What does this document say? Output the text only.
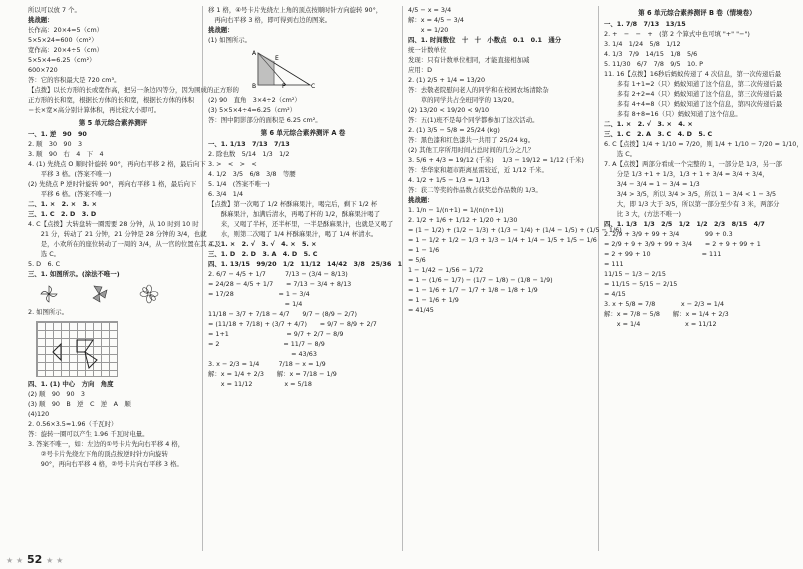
所以可以放 7 个。
挑战题：
长作高：20×4=5（cm）
5×5×24=600（cm²）
宽作高：20×4÷5（cm）
5×5×4=6.25（cm²）
600×720
答：它的容积最大是 720 cm³。
【点拨】以长方形的长或宽作高，把另一条边四等分，因为围成的正方形的
正方形的长和宽，根据长方体的长和宽，根据长方体的体积
＝长×宽×高分别计算体积，再比较大小即可。
第 5 单元综合素养测评
一、1. 逆　90　90
2. 顺　30　90　3
3. 顺　90　右　4　下　4
4. (1) 先绕点 O 顺时针旋转 90°，再向右平移 2 格，最后向下
　　平移 3 格。(答案不唯一)
(2) 先绕点 P 逆时针旋转 90°，再向右平移 1 格，最后向下
　　平移 6 格。(答案不唯一)
二、1. ×　2. ×　3. ×
三、1. C　2. D　3. D
4. C【点拨】大转盘转一圈需要 28 分钟，从 10 时到 10 时
　　21 分，转动了 21 分钟，21 分钟是 28 分钟的 3/4，也就
　　是，小欢所在的座位转动了一周的 3/4，从一官的位置在其 4 及
　　选 C。
5. D　6. C
三、1. 如图所示。(涂法不唯一)
2. 如图所示。
四、1. (1) 中心　方向　角度
(2) 顺　90　90　3
(3) 顺　90　B　逆　C　逆　A　顺
(4)120
2. 0.56×3.5≈1.96（千瓦时）
答：旋转一圈可以产生 1.96 千瓦时电量。
3. 答案不唯一，如：左边的①号卡片先向右平移 4 格，
　　②号卡片先绕左下角的顶点按逆时针方向旋转
　　90°，再向右平移 4 格，②号卡片向右平移 3 格。
移 1 格，④号卡片先绕左上角的顶点按顺时针方向旋转 90°，
　再向右平移 3 格，即可得到右边的图案。
挑战题：
(1) 如图所示。
A
E
B	P	C
(2) 90　直角　3×4÷2（cm²）
(3) 5×5×4÷4=6.25（cm²）
答：图中阴影部分的面积是 6.25 cm²。
第 6 单元综合素养测评 A 卷
一、1. 1/13　7/13　7/13
2. 除也数　5/14　1/3　1/2
3. >　<　>　<
4. 1/2　3/5　6/8　3/8　等腰
5. 1/4　(答案不唯一)
6. 3/4　1/4
【点拨】第一次喝了 1/2 杯酥麻果汁，喝完后，剩下 1/2 杯
　　酥麻果汁，加满后清水，再喝了杯的 1/2，酥麻果汁喝了
　　来，又喝了半杯，还半杯里，一半是酥麻果汁，也就是又喝了
　　水，则第二次喝了 1/4 杯酥麻果汁，喝了 1/4 杯清水。
二、1. ×　2. √　3. √　4. ×　5. ×
三、1. D　2. D　3. A　4. D　5. C
四、1. 13/15　99/20　1/2　11/12　14/42　3/8　25/36　1
2. 6/7 − 4/5 + 1/7　　　7/13 − (3/4 − 8/13)
= 24/28 − 4/5 + 1/7　　= 7/13 − 3/4 + 8/13
= 17/28　　　　　　　= 1 − 3/4
　　　　　　　　　　　　= 1/4
11/18 − 3/7 + 7/18 − 4/7　　9/7 − (8/9 − 2/7)
= (11/18 + 7/18) + (3/7 + 4/7)　　= 9/7 − 8/9 + 2/7
= 1+1　　　　　　　　　= 9/7 + 2/7 − 8/9
= 2　　　　　　　　　　= 11/7 − 8/9
　　　　　　　　　　　　　= 43/63
3. x − 2/3 = 1/4　　　7/18 − x = 1/9
解：x = 1/4 + 2/3　　解：x = 7/18 − 1/9
　　x = 11/12　　　　　x = 5/18
4/5 − x = 3/4
解：x = 4/5 − 3/4
　　x = 1/20
四、1. 时间数位　十　十　小数点　0.1　0.1　通分
统一计数单位
发现：只有计数单位相同，才能直接相加减
应用：D
2. (1) 2/5 + 1/4 = 13/20
答：去敬老院慰问老人的同学和在校园农场清除杂
　　草的同学共占全班同学的 13/20。
(2) 13/20 < 19/20 < 9/10
答：五(1)班不是每个同学都参加了这次活动。
2. (1) 3/5 − 5/8 = 25/24 (kg)
答：黑色漆和红色漆共一共用了 25/24 kg。
(2) 其他工序所用时间占总时间的几分之几？
3. 5/6 + 4/3 = 19/12 (千米)　 1/3 − 19/12 = 1/12 (千米)
答：华华家和超市距离星雷较近，近 1/12 千米。
4. 1/2 + 1/5 − 1/3 = 1/13
答：获二等奖的作品数占获奖总作品数的 1/3。
挑战题：
1. 1/n − 1/(n+1) = 1/(n(n+1))
2. 1/2 + 1/6 + 1/12 + 1/20 + 1/30
= (1 − 1/2) + (1/2 − 1/3) + (1/3 − 1/4) + (1/4 − 1/5) + (1/5 − 1/6)
= 1 − 1/2 + 1/2 − 1/3 + 1/3 − 1/4 + 1/4 − 1/5 + 1/5 − 1/6
= 1 − 1/6
= 5/6
1 − 1/42 − 1/56 − 1/72
= 1 − (1/6 − 1/7) − (1/7 − 1/8) − (1/8 − 1/9)
= 1 − 1/6 + 1/7 − 1/7 + 1/8 − 1/8 + 1/9
= 1 − 1/6 + 1/9
= 41/45
第 6 单元综合素养测评 B 卷（情境卷）
一、1. 7/8　7/13　13/15
2. +　−　−　+　(第 2 个算式中也可填 "+" "−")
3. 1/4　1/24　5/8　1/12
4. 1/3　7/9　14/15　1/8　5/6
5. 11/30　6/7　7/8　9/5　10. P
11. 16【点拨】16秒后蚂蚁传递了 4 次信息，第一次传递后最
　　多有 1+1=2（只）蚂蚁知道了这个信息，第二次传递后最
　　多有 2+2=4（只）蚂蚁知道了这个信息，第三次传递后最
　　多有 4+4=8（只）蚂蚁知道了这个信息，第四次传递后最
　　多有 8+8=16（只）蚂蚁知道了这个信息。
二、1. ×　2. √　3. ×　4. ×
三、1. C　2. A　3. C　4. D　5. C
6. C【点拨】1/4 + 1/10 = 7/20，则 1/4 + 1/10 − 7/20 = 1/10，
　　选 C。
7. A【点拨】两部分看成一个完整的 1，一部分是 1/3，另一部
　　分是 1/3 +1 + 1/3，1/3 + 1 + 3/4 = 3/4 + 3/4，
　　3/4 − 3/4 = 1 − 3/4 = 1/3
　　3/4 > 3/5，所以 3/4 > 3/5，所以 1 − 3/4 < 1 − 3/5
　　大，即 1/3 大于 3/5，所以第一部分至少有 3 米，两部分
　　比 3 大，(方法不唯一)
四、1. 1/3　1/3　2/5　1/2　1/2　2/3　8/15　4/7
2. 2/9 + 3/9 + 99 + 3/4　　　　99 + 0.3
= 2/9 + 9 + 3/9 + 99 + 3/4　　= 2 + 9 + 99 + 1
= 2 + 99 + 10　　　　　　　　= 111
= 111
11/15 − 1/3 − 2/15
= 11/15 − 5/15 − 2/15
= 4/15
3. x + 5/8 = 7/8　　　　x − 2/3 = 1/4
解：x = 7/8 − 5/8　　解：x = 1/4 + 2/3
　　x = 1/4　　　　　　　x = 11/12
★ ★ 52 ★ ★
